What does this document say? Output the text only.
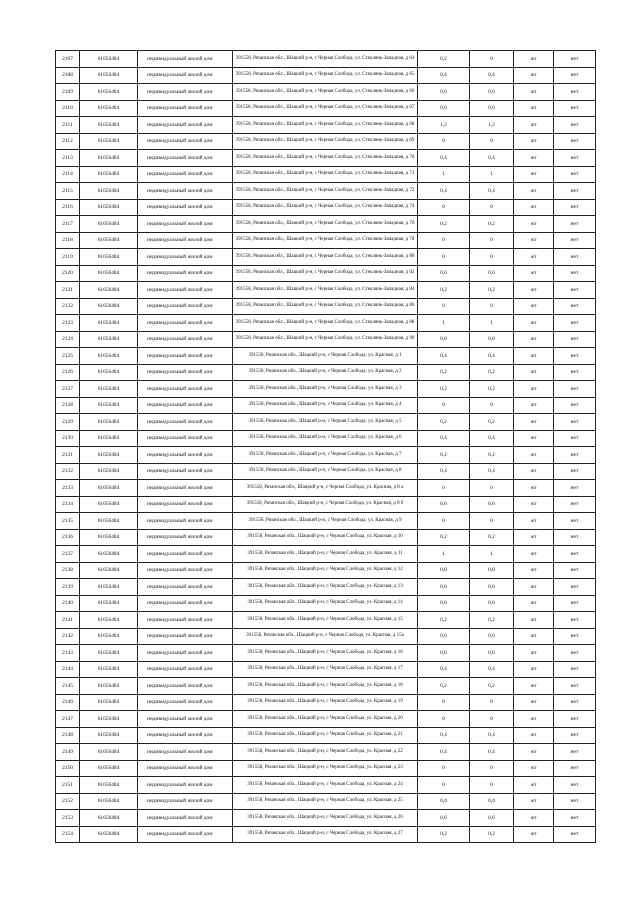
2107	61656484	индивидуальный жилой дом	391558, Рязанская обл., Шацкий р-н, с Черная Слобода, ул. Стеклянь-Западная, д 64	0,2	0	жт	нет
2108	61656484	индивидуальный жилой дом	391558, Рязанская обл., Шацкий р-н, с Черная Слобода, ул. Стеклянь-Западная, д 65	0,4	0,4	жт	нет
2109	61656484	индивидуальный жилой дом	391558, Рязанская обл., Шацкий р-н, с Черная Слобода, ул. Стеклянь-Западная, д 66	0,6	0,6	жт	нет
2110	61656484	индивидуальный жилой дом	391558, Рязанская обл., Шацкий р-н, с Черная Слобода, ул. Стеклянь-Западная, д 67	0,6	0,6	жт	нет
2111	61656484	индивидуальный жилой дом	391558, Рязанская обл., Шацкий р-н, с Черная Слобода, ул. Стеклянь-Западная, д 68	1,2	1,2	жт	нет
2112	61656484	индивидуальный жилой дом	391558, Рязанская обл., Шацкий р-н, с Черная Слобода, ул. Стеклянь-Западная, д 69	0	0	жт	нет
2113	61656484	индивидуальный жилой дом	391558, Рязанская обл., Шацкий р-н, с Черная Слобода, ул. Стеклянь-Западная, д 70	0,4	0,4	жт	нет
2114	61656484	индивидуальный жилой дом	391558, Рязанская обл., Шацкий р-н, с Черная Слобода, ул. Стеклянь-Западная, д 71	1	1	жт	нет
2115	61656484	индивидуальный жилой дом	391558, Рязанская обл., Шацкий р-н, с Черная Слобода, ул. Стеклянь-Западная, д 72	0,4	0,4	жт	нет
2116	61656484	индивидуальный жилой дом	391558, Рязанская обл., Шацкий р-н, с Черная Слобода, ул. Стеклянь-Западная, д 74	0	0	жт	нет
2117	61656484	индивидуальный жилой дом	391558, Рязанская обл., Шацкий р-н, с Черная Слобода, ул. Стеклянь-Западная, д 76	0,2	0,2	жт	нет
2118	61656484	индивидуальный жилой дом	391558, Рязанская обл., Шацкий р-н, с Черная Слобода, ул. Стеклянь-Западная, д 78	0	0	жт	нет
2119	61656484	индивидуальный жилой дом	391558, Рязанская обл., Шацкий р-н, с Черная Слобода, ул. Стеклянь-Западная, д 80	0	0	жт	нет
2120	61656484	индивидуальный жилой дом	391558, Рязанская обл., Шацкий р-н, с Черная Слобода, ул. Стеклянь-Западная, д 82	0,6	0,6	жт	нет
2121	61656484	индивидуальный жилой дом	391558, Рязанская обл., Шацкий р-н, с Черная Слобода, ул. Стеклянь-Западная, д 84	0,2	0,2	жт	нет
2122	61656484	индивидуальный жилой дом	391558, Рязанская обл., Шацкий р-н, с Черная Слобода, ул. Стеклянь-Западная, д 86	0	0	жт	нет
2123	61656484	индивидуальный жилой дом	391558, Рязанская обл., Шацкий р-н, с Черная Слобода, ул. Стеклянь-Западная, д 88	1	1	жт	нет
2124	61656484	индивидуальный жилой дом	391558, Рязанская обл., Шацкий р-н, с Черная Слобода, ул. Стеклянь-Западная, д 90	0,8	0,8	жт	нет
2125	61656484	индивидуальный жилой дом	391558, Рязанская обл., Шацкий р-н, с Черная Слобода, ул. Красная, д 1	0,4	0,4	жт	нет
2126	61656484	индивидуальный жилой дом	391558, Рязанская обл., Шацкий р-н, с Черная Слобода, ул. Красная, д 2	0,2	0,2	жт	нет
2127	61656484	индивидуальный жилой дом	391558, Рязанская обл., Шацкий р-н, с Черная Слобода, ул. Красная, д 3	0,2	0,2	жт	нет
2128	61656484	индивидуальный жилой дом	391558, Рязанская обл., Шацкий р-н, с Черная Слобода, ул. Красная, д 4	0	0	жт	нет
2129	61656484	индивидуальный жилой дом	391558, Рязанская обл., Шацкий р-н, с Черная Слобода, ул. Красная, д 5	0,2	0,2	жт	нет
2130	61656484	индивидуальный жилой дом	391558, Рязанская обл., Шацкий р-н, с Черная Слобода, ул. Красная, д 6	0,4	0,4	жт	нет
2131	61656484	индивидуальный жилой дом	391558, Рязанская обл., Шацкий р-н, с Черная Слобода, ул. Красная, д 7	0,2	0,2	жт	нет
2132	61656484	индивидуальный жилой дом	391558, Рязанская обл., Шацкий р-н, с Черная Слобода, ул. Красная, д 8	0,4	0,4	жт	нет
2133	61656484	индивидуальный жилой дом	391558, Рязанская обл., Шацкий р-н, с Черная Слобода, ул. Красная, д 8 а	0	0	жт	нет
2134	61656484	индивидуальный жилой дом	391558, Рязанская обл., Шацкий р-н, с Черная Слобода, ул. Красная, д 8 б	0,6	0,6	жт	нет
2135	61656484	индивидуальный жилой дом	391558, Рязанская обл., Шацкий р-н, с Черная Слобода, ул. Красная, д 9	0	0	жт	нет
2136	61656484	индивидуальный жилой дом	391558, Рязанская обл., Шацкий р-н, с Черная Слобода, ул. Красная, д 10	0,2	0,2	жт	нет
2137	61656484	индивидуальный жилой дом	391558, Рязанская обл., Шацкий р-н, с Черная Слобода, ул. Красная, д 11	1	1	жт	нет
2138	61656484	индивидуальный жилой дом	391558, Рязанская обл., Шацкий р-н, с Черная Слобода, ул. Красная, д 12	0,8	0,8	жт	нет
2139	61656484	индивидуальный жилой дом	391558, Рязанская обл., Шацкий р-н, с Черная Слобода, ул. Красная, д 13	0,6	0,6	жт	нет
2140	61656484	индивидуальный жилой дом	391558, Рязанская обл., Шацкий р-н, с Черная Слобода, ул. Красная, д 14	0,6	0,6	жт	нет
2141	61656484	индивидуальный жилой дом	391558, Рязанская обл., Шацкий р-н, с Черная Слобода, ул. Красная, д 15	0,2	0,2	жт	нет
2142	61656484	индивидуальный жилой дом	391558, Рязанская обл., Шацкий р-н, с Черная Слобода, ул. Красная, д 15а	0,6	0,6	жт	нет
2143	61656484	индивидуальный жилой дом	391558, Рязанская обл., Шацкий р-н, с Черная Слобода, ул. Красная, д 16	0,6	0,6	жт	нет
2144	61656484	индивидуальный жилой дом	391558, Рязанская обл., Шацкий р-н, с Черная Слобода, ул. Красная, д 17	0,4	0,4	жт	нет
2145	61656484	индивидуальный жилой дом	391558, Рязанская обл., Шацкий р-н, с Черная Слобода, ул. Красная, д 18	0,2	0,2	жт	нет
2146	61656484	индивидуальный жилой дом	391558, Рязанская обл., Шацкий р-н, с Черная Слобода, ул. Красная, д 19	0	0	жт	нет
2147	61656484	индивидуальный жилой дом	391558, Рязанская обл., Шацкий р-н, с Черная Слобода, ул. Красная, д 20	0	0	жт	нет
2148	61656484	индивидуальный жилой дом	391558, Рязанская обл., Шацкий р-н, с Черная Слобода, ул. Красная, д 21	0,4	0,4	жт	нет
2149	61656484	индивидуальный жилой дом	391558, Рязанская обл., Шацкий р-н, с Черная Слобода, ул. Красная, д 22	0,4	0,4	жт	нет
2150	61656484	индивидуальный жилой дом	391558, Рязанская обл., Шацкий р-н, с Черная Слобода, ул. Красная, д 23	0	0	жт	нет
2151	61656484	индивидуальный жилой дом	391558, Рязанская обл., Шацкий р-н, с Черная Слобода, ул. Красная, д 24	0	0	жт	нет
2152	61656484	индивидуальный жилой дом	391558, Рязанская обл., Шацкий р-н, с Черная Слобода, ул. Красная, д 25	0,4	0,4	жт	нет
2153	61656484	индивидуальный жилой дом	391558, Рязанская обл., Шацкий р-н, с Черная Слобода, ул. Красная, д 26	0,6	0,6	жт	нет
2154	61656484	индивидуальный жилой дом	391558, Рязанская обл., Шацкий р-н, с Черная Слобода, ул. Красная, д 27	0,2	0,2	жт	нет
